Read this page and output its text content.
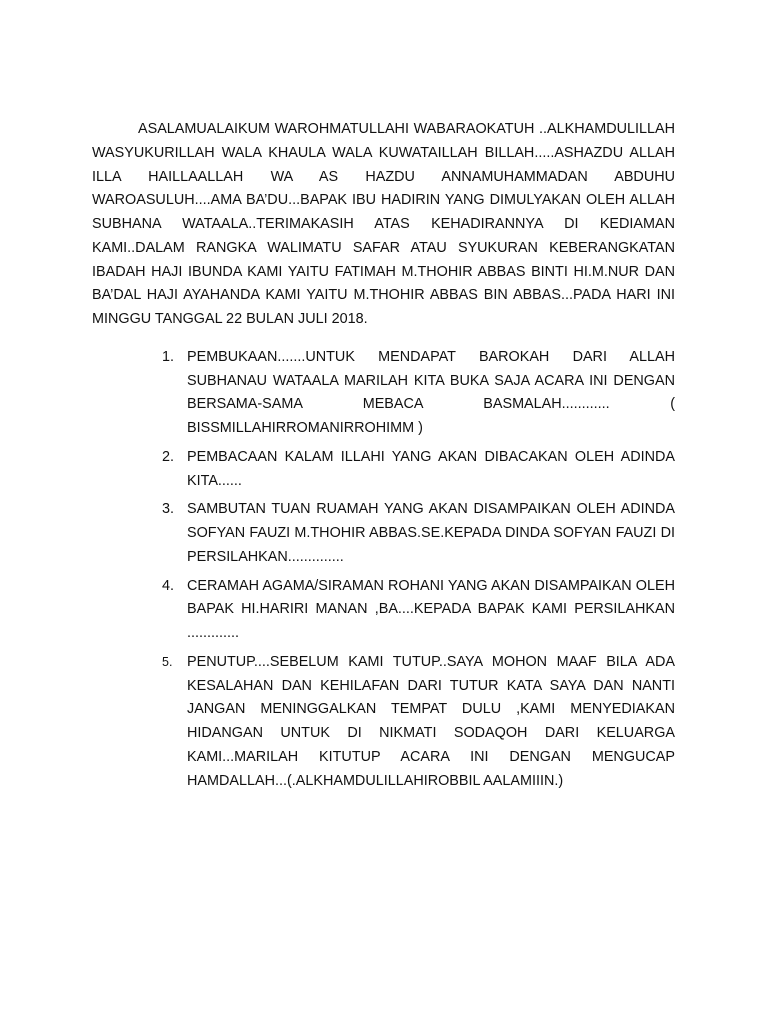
ASALAMUALAIKUM WAROHMATULLAHI WABARAOKATUH ..ALKHAMDULILLAH WASYUKURILLAH WALA KHAULA WALA KUWATAILLAH BILLAH.....ASHAZDU ALLAH ILLA HAILLAALLAH WA AS HAZDU ANNAMUHAMMADAN ABDUHU WAROASULUH....AMA BA’DU...BAPAK IBU HADIRIN YANG DIMULYAKAN OLEH ALLAH SUBHANA WATAALA..TERIMAKASIH ATAS KEHADIRANNYA DI KEDIAMAN KAMI..DALAM RANGKA WALIMATU SAFAR ATAU SYUKURAN KEBERANGKATAN IBADAH HAJI IBUNDA KAMI YAITU FATIMAH M.THOHIR ABBAS BINTI HI.M.NUR DAN BA’DAL HAJI AYAHANDA KAMI YAITU M.THOHIR ABBAS BIN ABBAS...PADA HARI INI MINGGU TANGGAL 22 BULAN JULI 2018.

1. PEMBUKAAN.......UNTUK MENDAPAT BAROKAH DARI ALLAH SUBHANAU WATAALA MARILAH KITA BUKA SAJA ACARA INI DENGAN BERSAMA-SAMA MEBACA BASMALAH............ ( BISSMILLAHIRROMANIRROHIMM )
2. PEMBACAAN KALAM ILLAHI YANG AKAN DIBACAKAN OLEH ADINDA KITA......
3. SAMBUTAN TUAN RUAMAH YANG AKAN DISAMPAIKAN OLEH ADINDA SOFYAN FAUZI M.THOHIR ABBAS.SE.KEPADA DINDA SOFYAN FAUZI DI PERSILAHKAN..............
4. CERAMAH AGAMA/SIRAMAN ROHANI YANG AKAN DISAMPAIKAN OLEH BAPAK HI.HARIRI MANAN ,BA....KEPADA BAPAK KAMI PERSILAHKAN .............
5. PENUTUP....SEBELUM KAMI TUTUP..SAYA MOHON MAAF BILA ADA KESALAHAN DAN KEHILAFAN DARI TUTUR KATA SAYA DAN NANTI JANGAN MENINGGALKAN TEMPAT DULU ,KAMI MENYEDIAKAN HIDANGAN UNTUK DI NIKMATI SODAQOH DARI KELUARGA KAMI...MARILAH KITUTUP ACARA INI DENGAN MENGUCAP HAMDALLAH...(.ALKHAMDULILLAHIROBBIL AALAMIIIN.)
